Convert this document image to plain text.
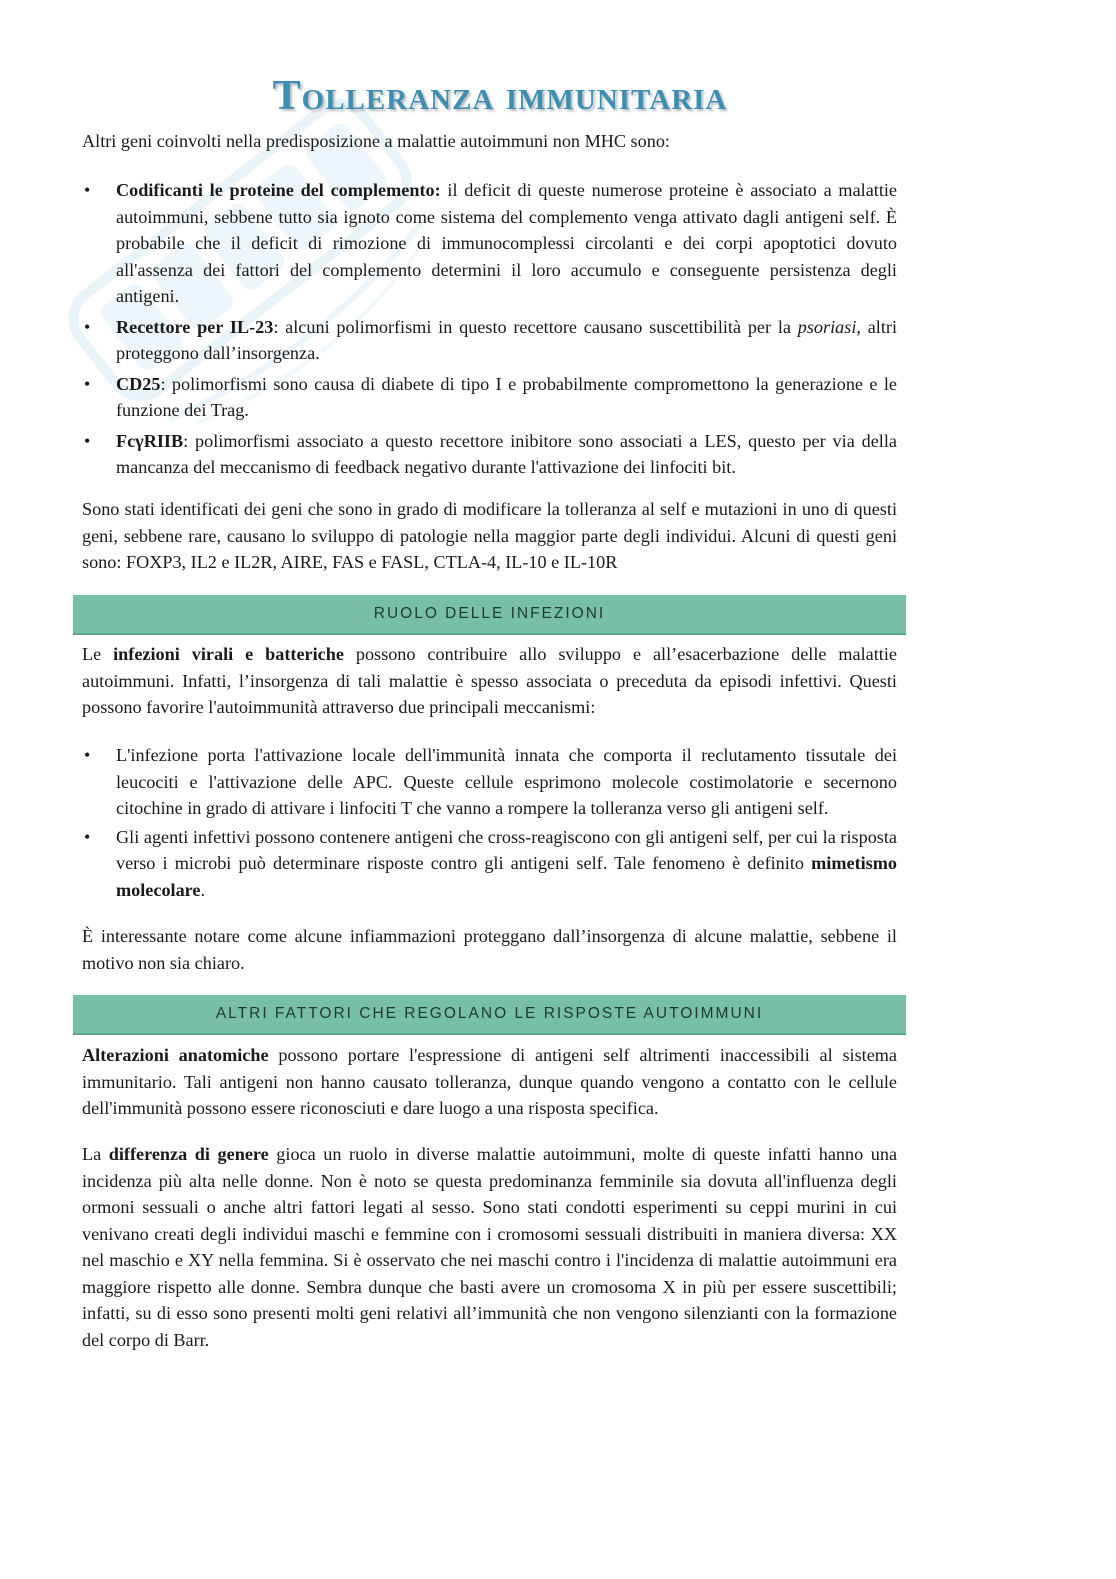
Tolleranza immunitaria

Altri geni coinvolti nella predisposizione a malattie autoimmuni non MHC sono:

• Codificanti le proteine del complemento: il deficit di queste numerose proteine è associato a malattie autoimmuni, sebbene tutto sia ignoto come sistema del complemento venga attivato dagli antigeni self. È probabile che il deficit di rimozione di immunocomplessi circolanti e dei corpi apoptotici dovuto all'assenza dei fattori del complemento determini il loro accumulo e conseguente persistenza degli antigeni.
• Recettore per IL-23: alcuni polimorfismi in questo recettore causano suscettibilità per la psoriasi, altri proteggono dall’insorgenza.
• CD25: polimorfismi sono causa di diabete di tipo I e probabilmente compromettono la generazione e le funzione dei Trag.
• FcγRIIB: polimorfismi associato a questo recettore inibitore sono associati a LES, questo per via della mancanza del meccanismo di feedback negativo durante l'attivazione dei linfociti bit.

Sono stati identificati dei geni che sono in grado di modificare la tolleranza al self e mutazioni in uno di questi geni, sebbene rare, causano lo sviluppo di patologie nella maggior parte degli individui. Alcuni di questi geni sono: FOXP3, IL2 e IL2R, AIRE, FAS e FASL, CTLA-4, IL-10 e IL-10R

RUOLO DELLE INFEZIONI

Le infezioni virali e batteriche possono contribuire allo sviluppo e all’esacerbazione delle malattie autoimmuni. Infatti, l’insorgenza di tali malattie è spesso associata o preceduta da episodi infettivi. Questi possono favorire l'autoimmunità attraverso due principali meccanismi:

• L'infezione porta l'attivazione locale dell'immunità innata che comporta il reclutamento tissutale dei leucociti e l'attivazione delle APC. Queste cellule esprimono molecole costimolatorie e secernono citochine in grado di attivare i linfociti T che vanno a rompere la tolleranza verso gli antigeni self.
• Gli agenti infettivi possono contenere antigeni che cross-reagiscono con gli antigeni self, per cui la risposta verso i microbi può determinare risposte contro gli antigeni self. Tale fenomeno è definito mimetismo molecolare.

È interessante notare come alcune infiammazioni proteggano dall’insorgenza di alcune malattie, sebbene il motivo non sia chiaro.

ALTRI FATTORI CHE REGOLANO LE RISPOSTE AUTOIMMUNI

Alterazioni anatomiche possono portare l'espressione di antigeni self altrimenti inaccessibili al sistema immunitario. Tali antigeni non hanno causato tolleranza, dunque quando vengono a contatto con le cellule dell'immunità possono essere riconosciuti e dare luogo a una risposta specifica.

La differenza di genere gioca un ruolo in diverse malattie autoimmuni, molte di queste infatti hanno una incidenza più alta nelle donne. Non è noto se questa predominanza femminile sia dovuta all'influenza degli ormoni sessuali o anche altri fattori legati al sesso. Sono stati condotti esperimenti su ceppi murini in cui venivano creati degli individui maschi e femmine con i cromosomi sessuali distribuiti in maniera diversa: XX nel maschio e XY nella femmina. Si è osservato che nei maschi contro i l'incidenza di malattie autoimmuni era maggiore rispetto alle donne. Sembra dunque che basti avere un cromosoma X in più per essere suscettibili; infatti, su di esso sono presenti molti geni relativi all’immunità che non vengono silenzianti con la formazione del corpo di Barr.
